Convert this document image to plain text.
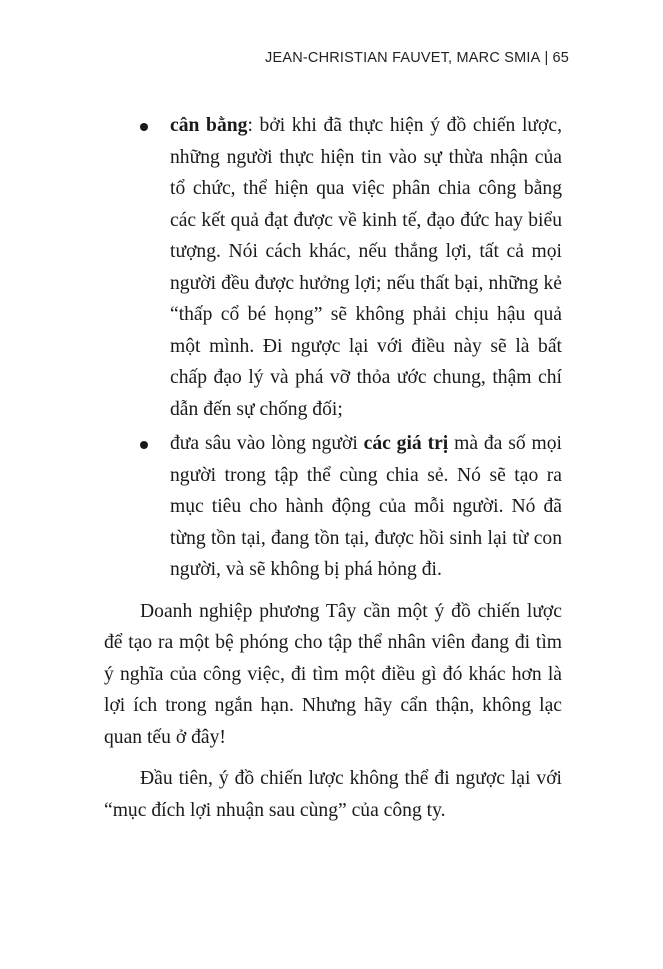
JEAN-CHRISTIAN FAUVET, MARC SMIA | 65
cân bằng: bởi khi đã thực hiện ý đồ chiến lược, những người thực hiện tin vào sự thừa nhận của tổ chức, thể hiện qua việc phân chia công bằng các kết quả đạt được về kinh tế, đạo đức hay biểu tượng. Nói cách khác, nếu thắng lợi, tất cả mọi người đều được hưởng lợi; nếu thất bại, những kẻ “thấp cổ bé họng” sẽ không phải chịu hậu quả một mình. Đi ngược lại với điều này sẽ là bất chấp đạo lý và phá vỡ thỏa ước chung, thậm chí dẫn đến sự chống đối;
đưa sâu vào lòng người các giá trị mà đa số mọi người trong tập thể cùng chia sẻ. Nó sẽ tạo ra mục tiêu cho hành động của mỗi người. Nó đã từng tồn tại, đang tồn tại, được hồi sinh lại từ con người, và sẽ không bị phá hỏng đi.

Doanh nghiệp phương Tây cần một ý đồ chiến lược để tạo ra một bệ phóng cho tập thể nhân viên đang đi tìm ý nghĩa của công việc, đi tìm một điều gì đó khác hơn là lợi ích trong ngắn hạn. Nhưng hãy cẩn thận, không lạc quan tếu ở đây!

Đầu tiên, ý đồ chiến lược không thể đi ngược lại với “mục đích lợi nhuận sau cùng” của công ty.
